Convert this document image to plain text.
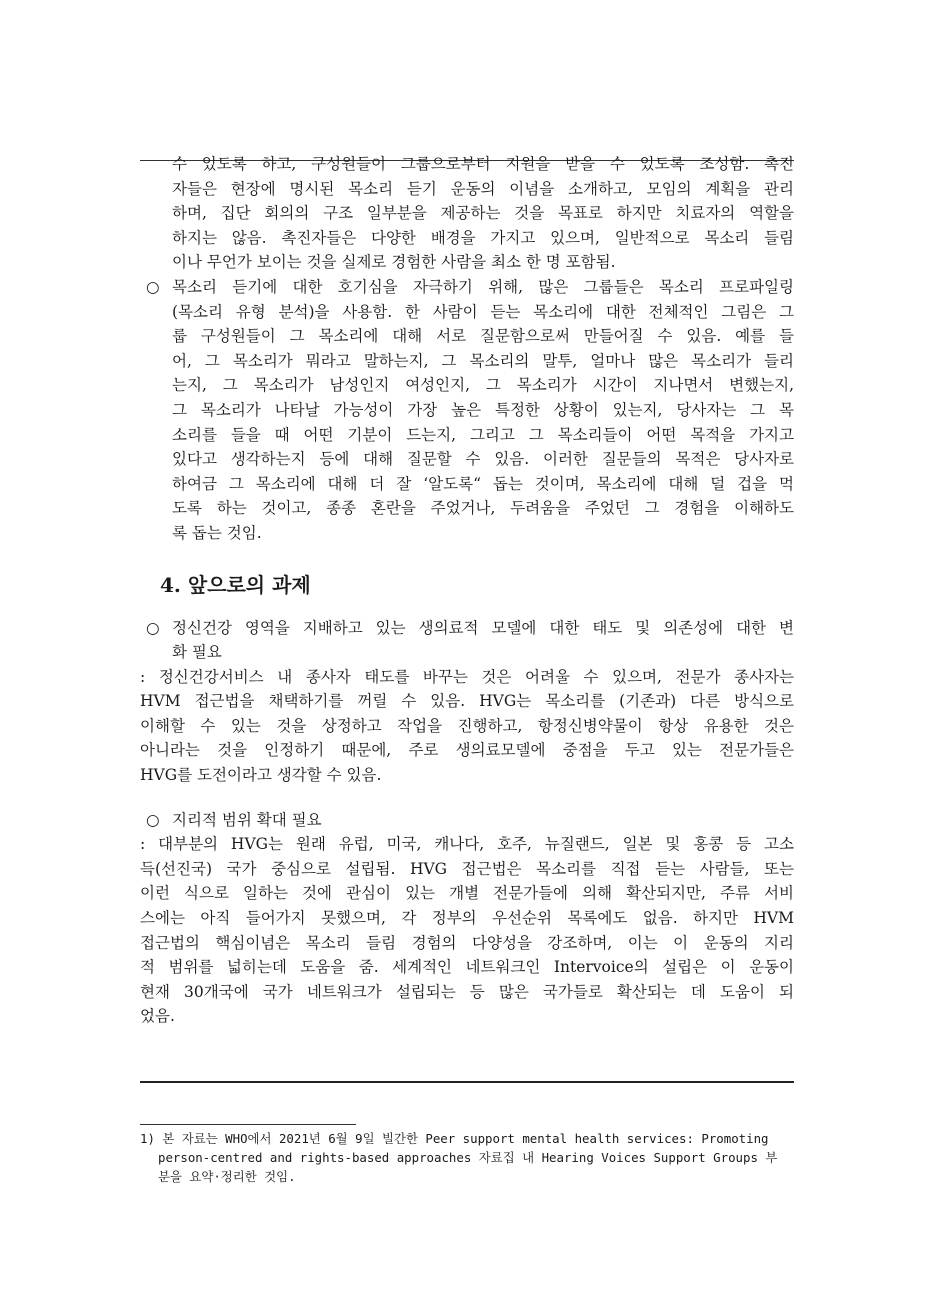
수 있도록 하고, 구성원들이 그룹으로부터 지원을 받을 수 있도록 조성함. 촉진
자들은 현장에 명시된 목소리 듣기 운동의 이념을 소개하고, 모임의 계획을 관리
하며, 집단 회의의 구조 일부분을 제공하는 것을 목표로 하지만 치료자의 역할을
하지는 않음. 촉진자들은 다양한 배경을 가지고 있으며, 일반적으로 목소리 들림
이나 무언가 보이는 것을 실제로 경험한 사람을 최소 한 명 포함됨.
○ 목소리 듣기에 대한 호기심을 자극하기 위해, 많은 그룹들은 목소리 프로파일링
(목소리 유형 분석)을 사용함. 한 사람이 듣는 목소리에 대한 전체적인 그림은 그
룹 구성원들이 그 목소리에 대해 서로 질문함으로써 만들어질 수 있음. 예를 들
어, 그 목소리가 뭐라고 말하는지, 그 목소리의 말투, 얼마나 많은 목소리가 들리
는지, 그 목소리가 남성인지 여성인지, 그 목소리가 시간이 지나면서 변했는지,
그 목소리가 나타날 가능성이 가장 높은 특정한 상황이 있는지, 당사자는 그 목
소리를 들을 때 어떤 기분이 드는지, 그리고 그 목소리들이 어떤 목적을 가지고
있다고 생각하는지 등에 대해 질문할 수 있음. 이러한 질문들의 목적은 당사자로
하여금 그 목소리에 대해 더 잘 ‘알도록“ 돕는 것이며, 목소리에 대해 덜 겁을 먹
도록 하는 것이고, 종종 혼란을 주었거나, 두려움을 주었던 그 경험을 이해하도
록 돕는 것임.
4. 앞으로의 과제
○ 정신건강 영역을 지배하고 있는 생의료적 모델에 대한 태도 및 의존성에 대한 변
화 필요
: 정신건강서비스 내 종사자 태도를 바꾸는 것은 어려울 수 있으며, 전문가 종사자는
HVM 접근법을 채택하기를 꺼릴 수 있음. HVG는 목소리를 (기존과) 다른 방식으로
이해할 수 있는 것을 상정하고 작업을 진행하고, 항정신병약물이 항상 유용한 것은
아니라는 것을 인정하기 때문에, 주로 생의료모델에 중점을 두고 있는 전문가들은
HVG를 도전이라고 생각할 수 있음.
○ 지리적 범위 확대 필요
: 대부분의 HVG는 원래 유럽, 미국, 캐나다, 호주, 뉴질랜드, 일본 및 홍콩 등 고소
득(선진국) 국가 중심으로 설립됨. HVG 접근법은 목소리를 직접 듣는 사람들, 또는
이런 식으로 일하는 것에 관심이 있는 개별 전문가들에 의해 확산되지만, 주류 서비
스에는 아직 들어가지 못했으며, 각 정부의 우선순위 목록에도 없음. 하지만 HVM
접근법의 핵심이념은 목소리 들림 경험의 다양성을 강조하며, 이는 이 운동의 지리
적 범위를 넓히는데 도움을 줌. 세계적인 네트워크인 Intervoice의 설립은 이 운동이
현재 30개국에 국가 네트워크가 설립되는 등 많은 국가들로 확산되는 데 도움이 되
었음.
1) 본 자료는 WHO에서 2021년 6월 9일 빌간한 Peer support mental health services: Promoting
person-centred and rights-based approaches 자료집 내 Hearing Voices Support Groups 부
분을 요약·정리한 것임.
